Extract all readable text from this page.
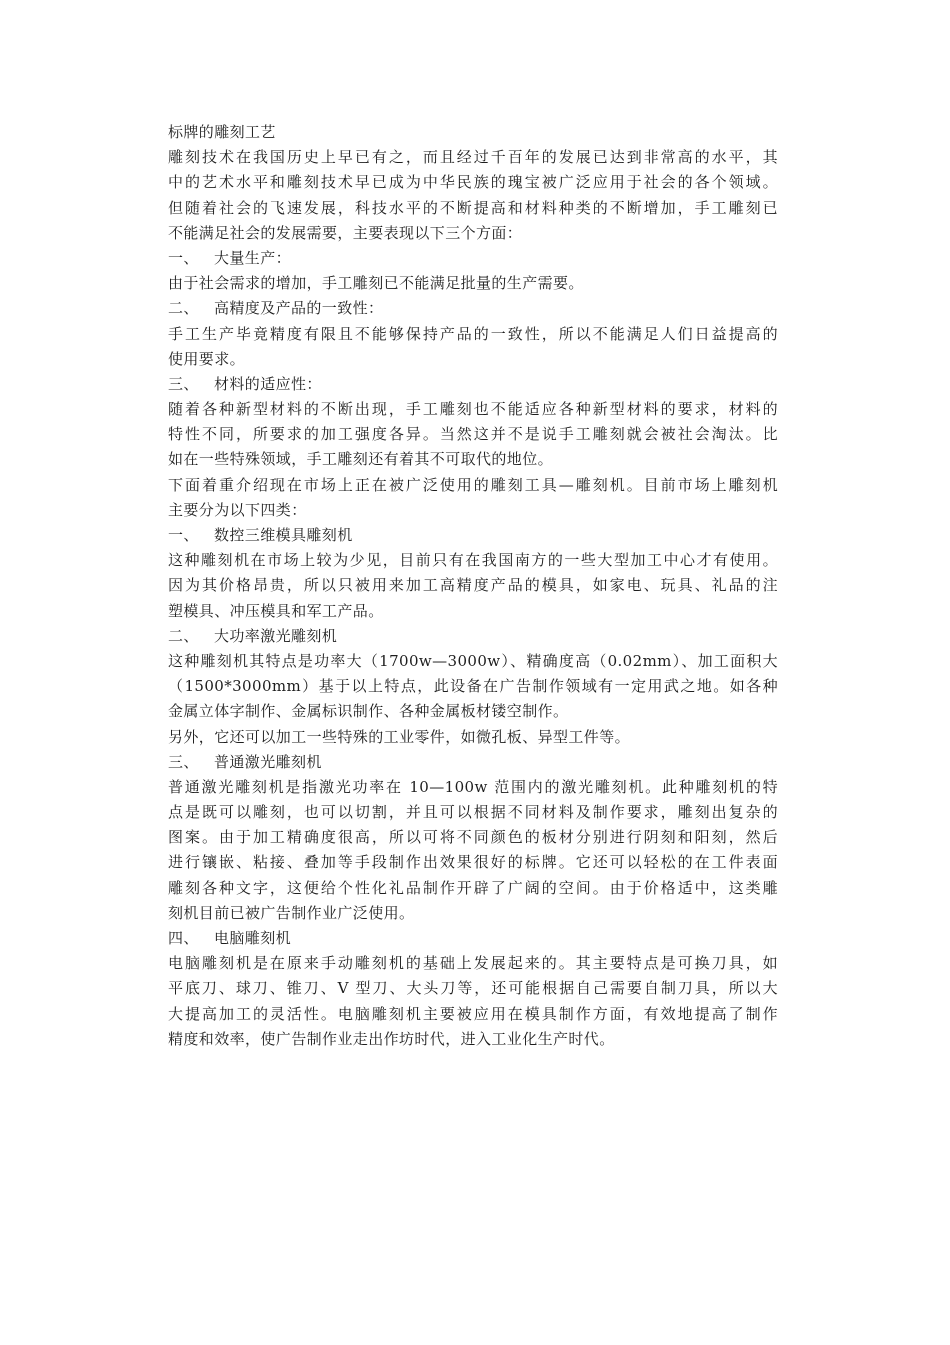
标牌的雕刻工艺
雕刻技术在我国历史上早已有之，而且经过千百年的发展已达到非常高的水平，其
中的艺术水平和雕刻技术早已成为中华民族的瑰宝被广泛应用于社会的各个领域。
但随着社会的飞速发展，科技水平的不断提高和材料种类的不断增加，手工雕刻已
不能满足社会的发展需要，主要表现以下三个方面：
一、 大量生产：
由于社会需求的增加，手工雕刻已不能满足批量的生产需要。
二、 高精度及产品的一致性：
手工生产毕竟精度有限且不能够保持产品的一致性，所以不能满足人们日益提高的
使用要求。
三、 材料的适应性：
随着各种新型材料的不断出现，手工雕刻也不能适应各种新型材料的要求，材料的
特性不同，所要求的加工强度各异。当然这并不是说手工雕刻就会被社会淘汰。比
如在一些特殊领域，手工雕刻还有着其不可取代的地位。
下面着重介绍现在市场上正在被广泛使用的雕刻工具—雕刻机。目前市场上雕刻机
主要分为以下四类：
一、 数控三维模具雕刻机
这种雕刻机在市场上较为少见，目前只有在我国南方的一些大型加工中心才有使用。
因为其价格昂贵，所以只被用来加工高精度产品的模具，如家电、玩具、礼品的注
塑模具、冲压模具和军工产品。
二、 大功率激光雕刻机
这种雕刻机其特点是功率大（1700w—3000w）、精确度高（0.02mm）、加工面积大
（1500*3000mm）基于以上特点，此设备在广告制作领域有一定用武之地。如各种
金属立体字制作、金属标识制作、各种金属板材镂空制作。
另外，它还可以加工一些特殊的工业零件，如微孔板、异型工件等。
三、 普通激光雕刻机
普通激光雕刻机是指激光功率在 10—100w 范围内的激光雕刻机。此种雕刻机的特
点是既可以雕刻，也可以切割，并且可以根据不同材料及制作要求，雕刻出复杂的
图案。由于加工精确度很高，所以可将不同颜色的板材分别进行阴刻和阳刻，然后
进行镶嵌、粘接、叠加等手段制作出效果很好的标牌。它还可以轻松的在工件表面
雕刻各种文字，这便给个性化礼品制作开辟了广阔的空间。由于价格适中，这类雕
刻机目前已被广告制作业广泛使用。
四、 电脑雕刻机
电脑雕刻机是在原来手动雕刻机的基础上发展起来的。其主要特点是可换刀具，如
平底刀、球刀、锥刀、V 型刀、大头刀等，还可能根据自己需要自制刀具，所以大
大提高加工的灵活性。电脑雕刻机主要被应用在模具制作方面，有效地提高了制作
精度和效率，使广告制作业走出作坊时代，进入工业化生产时代。
